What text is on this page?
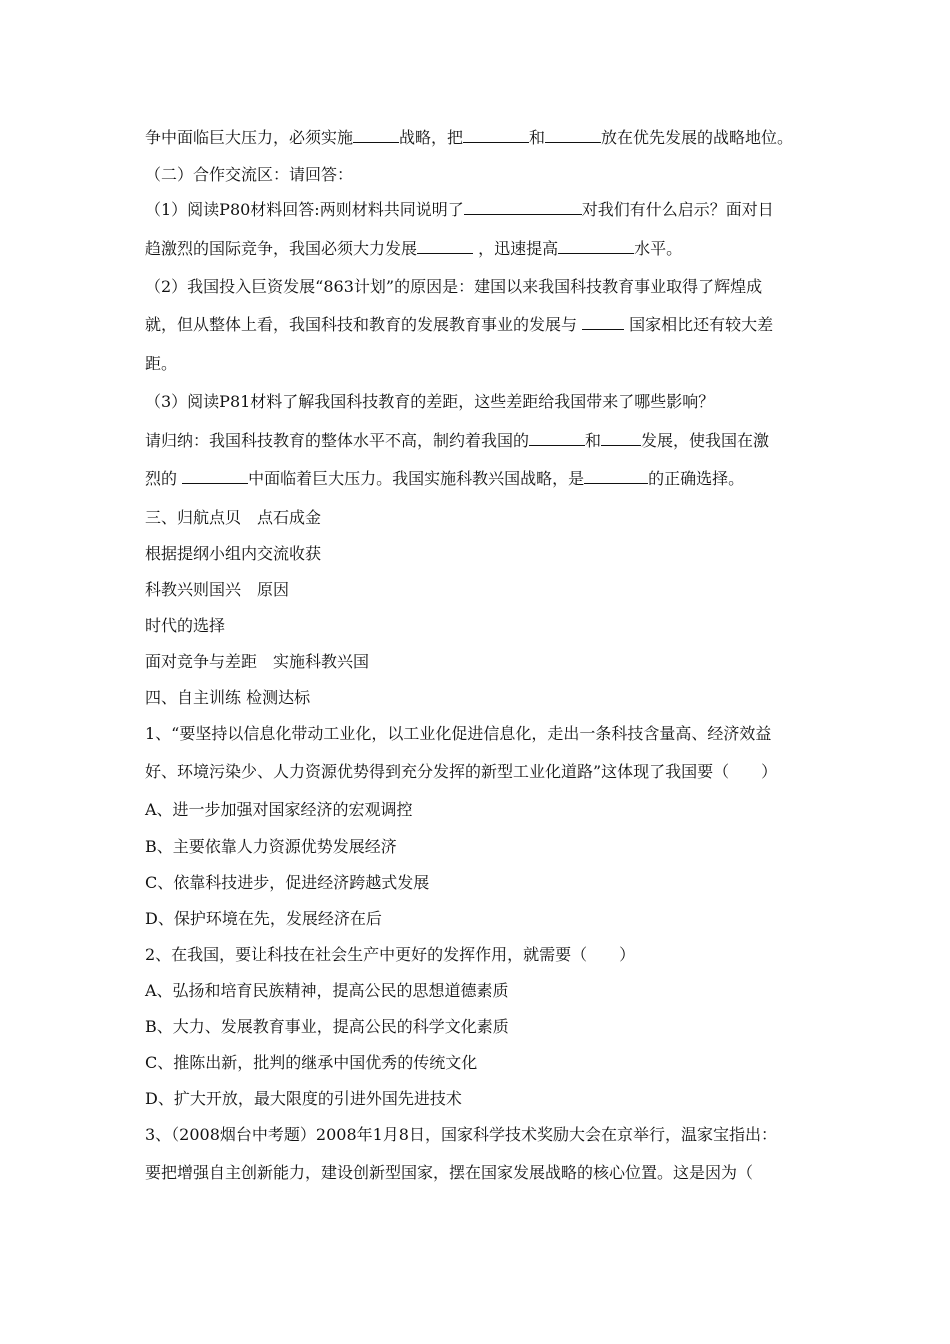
争中面临巨大压力，必须实施	战略，把	和	放在优先发展的战略地位。
（二）合作交流区：请回答：
（1）阅读P80材料回答:两则材料共同说明了	对我们有什么启示？面对日
趋激烈的国际竞争，我国必须大力发展	，迅速提高	水平。
（2）我国投入巨资发展“863计划”的原因是：建国以来我国科技教育事业取得了辉煌成
就，但从整体上看，我国科技和教育的发展教育事业的发展与	国家相比还有较大差
距。
（3）阅读P81材料了解我国科技教育的差距，这些差距给我国带来了哪些影响？
请归纳：我国科技教育的整体水平不高，制约着我国的	和	发展，使我国在激
烈的	中面临着巨大压力。我国实施科教兴国战略，是	的正确选择。
三、归航点贝　点石成金
根据提纲小组内交流收获
科教兴则国兴　原因
时代的选择
面对竞争与差距　实施科教兴国
四、自主训练 检测达标
1、“要坚持以信息化带动工业化，以工业化促进信息化，走出一条科技含量高、经济效益
好、环境污染少、人力资源优势得到充分发挥的新型工业化道路”这体现了我国要（　　）
A、进一步加强对国家经济的宏观调控
B、主要依靠人力资源优势发展经济
C、依靠科技进步，促进经济跨越式发展
D、保护环境在先，发展经济在后
2、在我国，要让科技在社会生产中更好的发挥作用，就需要（　　）
A、弘扬和培育民族精神，提高公民的思想道德素质
B、大力、发展教育事业，提高公民的科学文化素质
C、推陈出新，批判的继承中国优秀的传统文化
D、扩大开放，最大限度的引进外国先进技术
3、（2008烟台中考题）2008年1月8日，国家科学技术奖励大会在京举行，温家宝指出：
要把增强自主创新能力，建设创新型国家，摆在国家发展战略的核心位置。这是因为（
